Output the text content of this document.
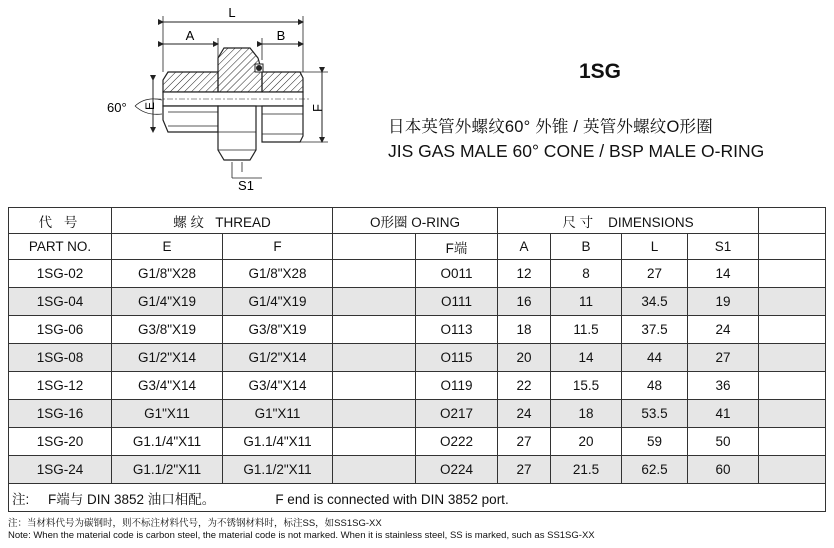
L
A	B
F
E
60°
S1
1SG
日本英管外螺纹60° 外锥 / 英管外螺纹O形圈
JIS GAS MALE 60° CONE / BSP MALE O-RING
代 号	螺 纹 THREAD		O形圈 O-RING		尺 寸 DIMENSIONS				
PART NO.	E	F		F端	A	B	L	S1	
1SG-02	G1/8"X28	G1/8"X28		O011	12	8	27	14	
1SG-04	G1/4"X19	G1/4"X19		O111	16	11	34.5	19	
1SG-06	G3/8"X19	G3/8"X19		O113	18	11.5	37.5	24	
1SG-08	G1/2"X14	G1/2"X14		O115	20	14	44	27	
1SG-12	G3/4"X14	G3/4"X14		O119	22	15.5	48	36	
1SG-16	G1"X11	G1"X11		O217	24	18	53.5	41	
1SG-20	G1.1/4"X11	G1.1/4"X11		O222	27	20	59	50	
1SG-24	G1.1/2"X11	G1.1/2"X11		O224	27	21.5	62.5	60	
注: F端与 DIN 3852 油口相配。 F end is connected with DIN 3852 port.									
注：当材料代号为碳钢时，则不标注材料代号，为不锈钢材料时，标注SS，如SS1SG-XX
Note: When the material code is carbon steel, the material code is not marked. When it is stainless steel, SS is marked, such as SS1SG-XX
